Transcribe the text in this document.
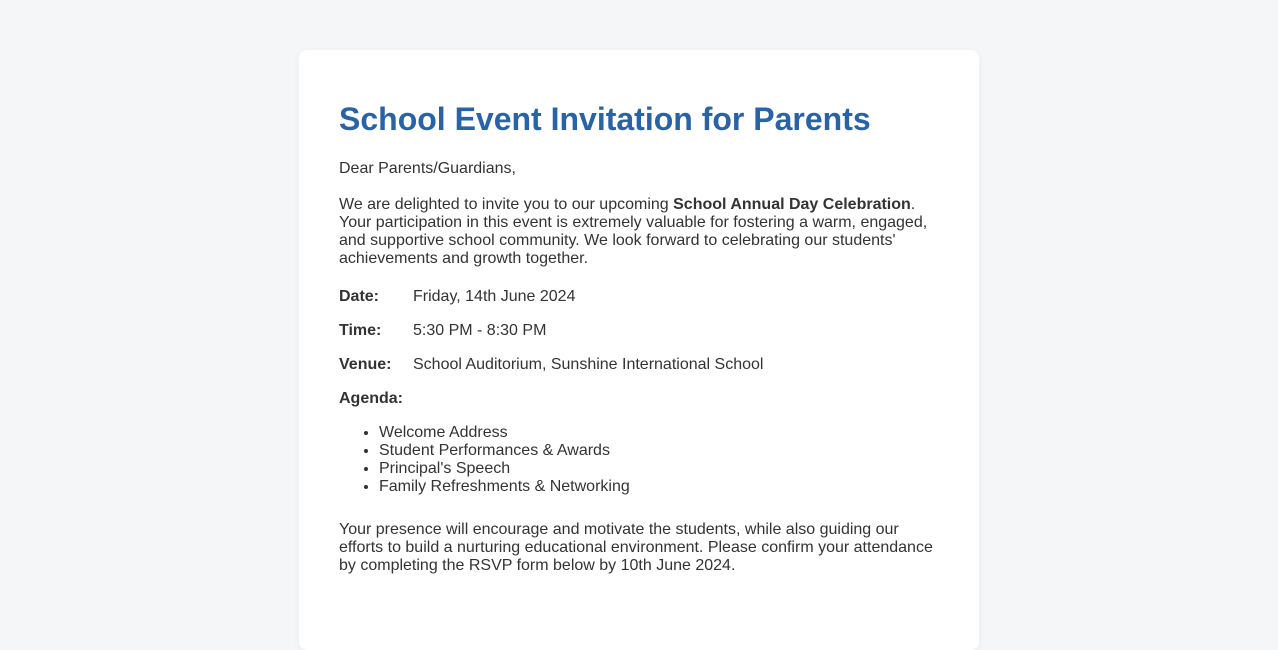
School Event Invitation for Parents

Dear Parents/Guardians,

We are delighted to invite you to our upcoming School Annual Day Celebration. Your participation in this event is extremely valuable for fostering a warm, engaged, and supportive school community. We look forward to celebrating our students' achievements and growth together.

Date: Friday, 14th June 2024
Time: 5:30 PM - 8:30 PM
Venue: School Auditorium, Sunshine International School
Agenda:
• Welcome Address
• Student Performances & Awards
• Principal's Speech
• Family Refreshments & Networking

Your presence will encourage and motivate the students, while also guiding our efforts to build a nurturing educational environment. Please confirm your attendance by completing the RSVP form below by 10th June 2024.
